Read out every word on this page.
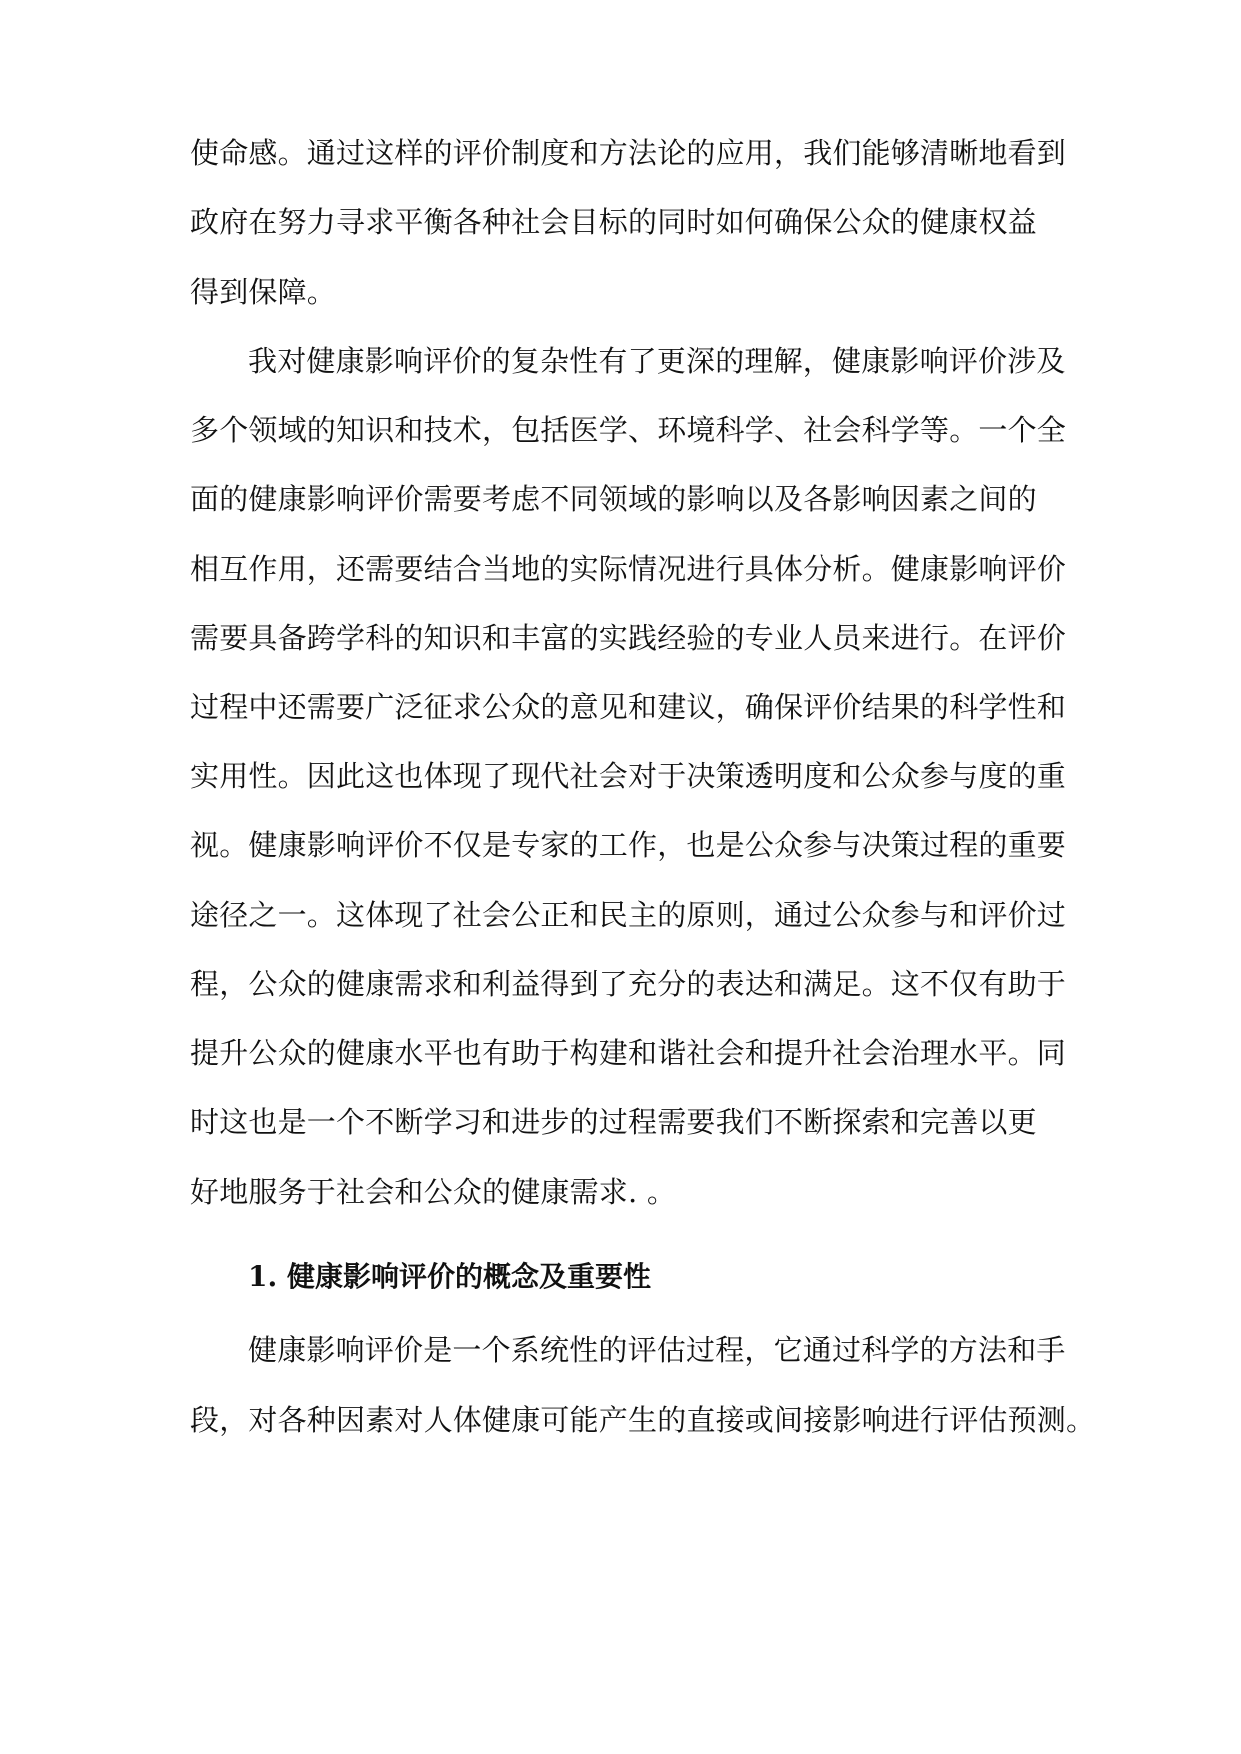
使命感。通过这样的评价制度和方法论的应用，我们能够清晰地看到
政府在努力寻求平衡各种社会目标的同时如何确保公众的健康权益
得到保障。
我对健康影响评价的复杂性有了更深的理解，健康影响评价涉及
多个领域的知识和技术，包括医学、环境科学、社会科学等。一个全
面的健康影响评价需要考虑不同领域的影响以及各影响因素之间的
相互作用，还需要结合当地的实际情况进行具体分析。健康影响评价
需要具备跨学科的知识和丰富的实践经验的专业人员来进行。在评价
过程中还需要广泛征求公众的意见和建议，确保评价结果的科学性和
实用性。因此这也体现了现代社会对于决策透明度和公众参与度的重
视。健康影响评价不仅是专家的工作，也是公众参与决策过程的重要
途径之一。这体现了社会公正和民主的原则，通过公众参与和评价过
程，公众的健康需求和利益得到了充分的表达和满足。这不仅有助于
提升公众的健康水平也有助于构建和谐社会和提升社会治理水平。同
时这也是一个不断学习和进步的过程需要我们不断探索和完善以更
好地服务于社会和公众的健康需求. 。
1. 健康影响评价的概念及重要性
健康影响评价是一个系统性的评估过程，它通过科学的方法和手
段，对各种因素对人体健康可能产生的直接或间接影响进行评估预测。
